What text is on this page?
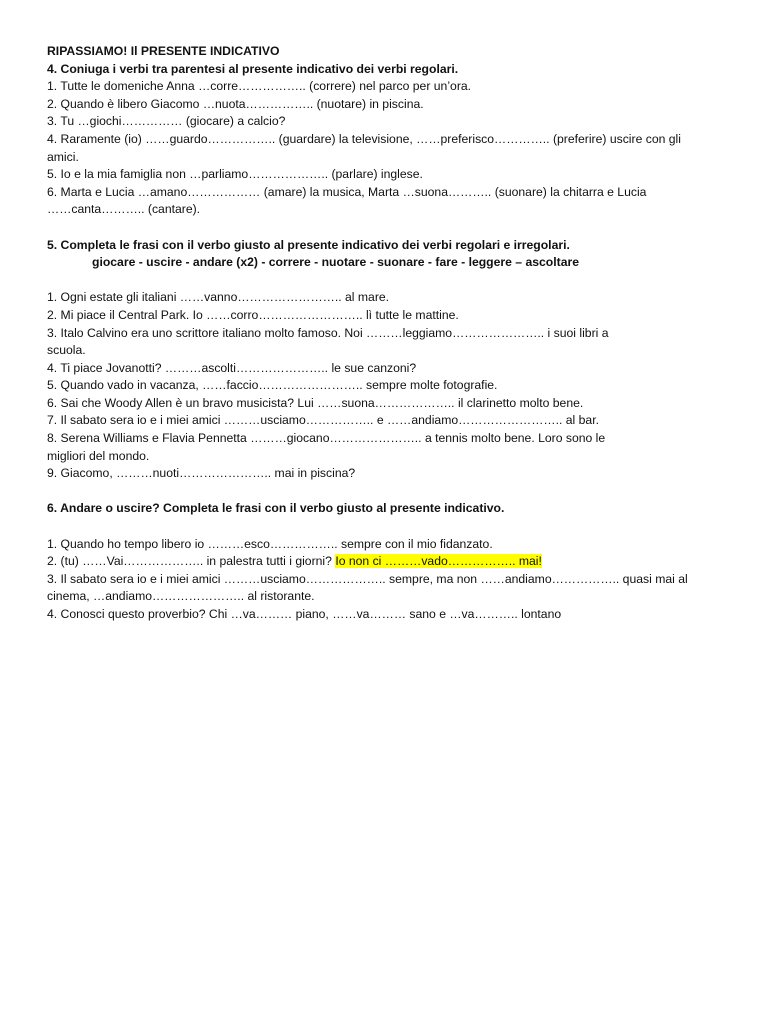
RIPASSIAMO! Il PRESENTE INDICATIVO
4. Coniuga i verbi tra parentesi al presente indicativo dei verbi regolari.
1. Tutte le domeniche Anna …corre…………….. (correre) nel parco per un’ora.
2. Quando è libero Giacomo …nuota…………….. (nuotare) in piscina.
3. Tu …giochi…………… (giocare) a calcio?
4. Raramente (io) ……guardo…………….. (guardare) la televisione, ……preferisco………….. (preferire) uscire con gli amici.
5. Io e la mia famiglia non …parliamo……………….. (parlare) inglese.
6. Marta e Lucia …amano……………… (amare) la musica, Marta …suona……….. (suonare) la chitarra e Lucia ……canta……….. (cantare).
5. Completa le frasi con il verbo giusto al presente indicativo dei verbi regolari e irregolari.
giocare - uscire - andare (x2) - correre - nuotare - suonare - fare - leggere – ascoltare
1. Ogni estate gli italiani ……vanno…………………….. al mare.
2. Mi piace il Central Park. Io ……corro…………………….. lì tutte le mattine.
3. Italo Calvino era uno scrittore italiano molto famoso. Noi ………leggiamo………………….. i suoi libri a scuola.
4. Ti piace Jovanotti? ………ascolti………………….. le sue canzoni?
5. Quando vado in vacanza, ……faccio…………………….. sempre molte fotografie.
6. Sai che Woody Allen è un bravo musicista? Lui ……suona……………….. il clarinetto molto bene.
7. Il sabato sera io e i miei amici ………usciamo…………….. e ……andiamo…………………….. al bar.
8. Serena Williams e Flavia Pennetta ………giocano………………….. a tennis molto bene. Loro sono le migliori del mondo.
9. Giacomo, ………nuoti………………….. mai in piscina?
6. Andare o uscire? Completa le frasi con il verbo giusto al presente indicativo.
1. Quando ho tempo libero io ………esco…………….. sempre con il mio fidanzato.
2. (tu) ……Vai……………….. in palestra tutti i giorni? Io non ci ………vado…………….. mai!
3. Il sabato sera io e i miei amici ………usciamo……………….. sempre, ma non ……andiamo…………….. quasi mai al cinema, …andiamo………………….. al ristorante.
4. Conosci questo proverbio? Chi …va……… piano, ……va……… sano e …va……….. lontano
